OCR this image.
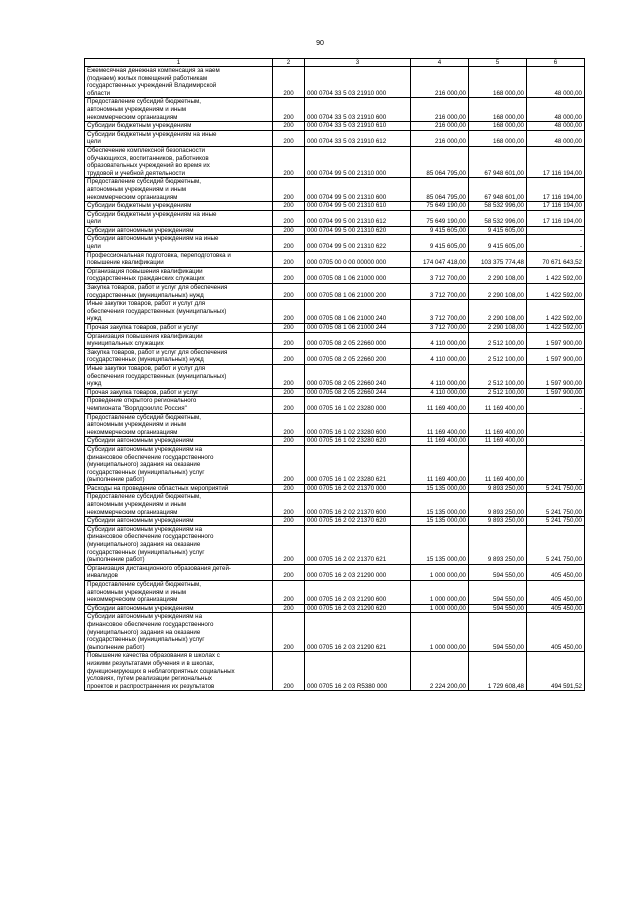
90
1	2	3	4	5	6

Ежемесячная денежная компенсация за наем
(поднаем) жилых помещений работникам
государственных учреждений Владимирской
области	200	000 0704 33 5 03 21910 000	216 000,00	168 000,00	48 000,00

Предоставление субсидий бюджетным,
автономным учреждениям и иным
некоммерческим организациям	200	000 0704 33 5 03 21910 600	216 000,00	168 000,00	48 000,00

Субсидии бюджетным учреждениям	200	000 0704 33 5 03 21910 610	216 000,00	168 000,00	48 000,00

Субсидии бюджетным учреждениям на иные
цели	200	000 0704 33 5 03 21910 612	216 000,00	168 000,00	48 000,00

Обеспечение комплексной безопасности
обучающихся, воспитанников, работников
образовательных учреждений во время их
трудовой и учебной деятельности	200	000 0704 99 5 00 21310 000	85 064 795,00	67 948 601,00	17 116 194,00

Предоставление субсидий бюджетным,
автономным учреждениям и иным
некоммерческим организациям	200	000 0704 99 5 00 21310 600	85 064 795,00	67 948 601,00	17 116 194,00

Субсидии бюджетным учреждениям	200	000 0704 99 5 00 21310 610	75 649 190,00	58 532 996,00	17 116 194,00

Субсидии бюджетным учреждениям на иные
цели	200	000 0704 99 5 00 21310 612	75 649 190,00	58 532 996,00	17 116 194,00

Субсидии автономным учреждениям	200	000 0704 99 5 00 21310 620	9 415 605,00	9 415 605,00	-

Субсидии автономным учреждениям на иные
цели	200	000 0704 99 5 00 21310 622	9 415 605,00	9 415 605,00	-

Профессиональная подготовка, переподготовка и
повышение квалификации	200	000 0705 00 0 00 00000 000	174 047 418,00	103 375 774,48	70 671 643,52

Организация повышения квалификации
государственных гражданских служащих	200	000 0705 08 1 06 21000 000	3 712 700,00	2 290 108,00	1 422 592,00

Закупка товаров, работ и услуг для обеспечения
государственных (муниципальных) нужд	200	000 0705 08 1 06 21000 200	3 712 700,00	2 290 108,00	1 422 592,00

Иные закупки товаров, работ и услуг для
обеспечения государственных (муниципальных)
нужд	200	000 0705 08 1 06 21000 240	3 712 700,00	2 290 108,00	1 422 592,00

Прочая закупка товаров, работ и услуг	200	000 0705 08 1 06 21000 244	3 712 700,00	2 290 108,00	1 422 592,00

Организация повышения квалификации
муниципальных служащих	200	000 0705 08 2 05 22660 000	4 110 000,00	2 512 100,00	1 597 900,00

Закупка товаров, работ и услуг для обеспечения
государственных (муниципальных) нужд	200	000 0705 08 2 05 22660 200	4 110 000,00	2 512 100,00	1 597 900,00

Иные закупки товаров, работ и услуг для
обеспечения государственных (муниципальных)
нужд	200	000 0705 08 2 05 22660 240	4 110 000,00	2 512 100,00	1 597 900,00

Прочая закупка товаров, работ и услуг	200	000 0705 08 2 05 22660 244	4 110 000,00	2 512 100,00	1 597 900,00

Проведение открытого регионального
чемпионата "Ворлдскиллс Россия"	200	000 0705 16 1 02 23280 000	11 169 400,00	11 169 400,00	-

Предоставление субсидий бюджетным,
автономным учреждениям и иным
некоммерческим организациям	200	000 0705 16 1 02 23280 600	11 169 400,00	11 169 400,00	-

Субсидии автономным учреждениям	200	000 0705 16 1 02 23280 620	11 169 400,00	11 169 400,00	-

Субсидии автономным учреждениям на
финансовое обеспечение государственного
(муниципального) задания на оказание
государственных (муниципальных) услуг
(выполнение работ)	200	000 0705 16 1 02 23280 621	11 169 400,00	11 169 400,00	-

Расходы на проведение областных мероприятий	200	000 0705 16 2 02 21370 000	15 135 000,00	9 893 250,00	5 241 750,00

Предоставление субсидий бюджетным,
автономным учреждениям и иным
некоммерческим организациям	200	000 0705 16 2 02 21370 600	15 135 000,00	9 893 250,00	5 241 750,00

Субсидии автономным учреждениям	200	000 0705 16 2 02 21370 620	15 135 000,00	9 893 250,00	5 241 750,00

Субсидии автономным учреждениям на
финансовое обеспечение государственного
(муниципального) задания на оказание
государственных (муниципальных) услуг
(выполнение работ)	200	000 0705 16 2 02 21370 621	15 135 000,00	9 893 250,00	5 241 750,00

Организация дистанционного образования детей-
инвалидов	200	000 0705 16 2 03 21290 000	1 000 000,00	594 550,00	405 450,00

Предоставление субсидий бюджетным,
автономным учреждениям и иным
некоммерческим организациям	200	000 0705 16 2 03 21290 600	1 000 000,00	594 550,00	405 450,00

Субсидии автономным учреждениям	200	000 0705 16 2 03 21290 620	1 000 000,00	594 550,00	405 450,00

Субсидии автономным учреждениям на
финансовое обеспечение государственного
(муниципального) задания на оказание
государственных (муниципальных) услуг
(выполнение работ)	200	000 0705 16 2 03 21290 621	1 000 000,00	594 550,00	405 450,00

Повышение качества образования в школах с
низкими результатами обучения и в школах,
функционирующих в неблагоприятных социальных
условиях, путем реализации региональных
проектов и распространения их результатов	200	000 0705 16 2 03 R5380 000	2 224 200,00	1 729 608,48	494 591,52
